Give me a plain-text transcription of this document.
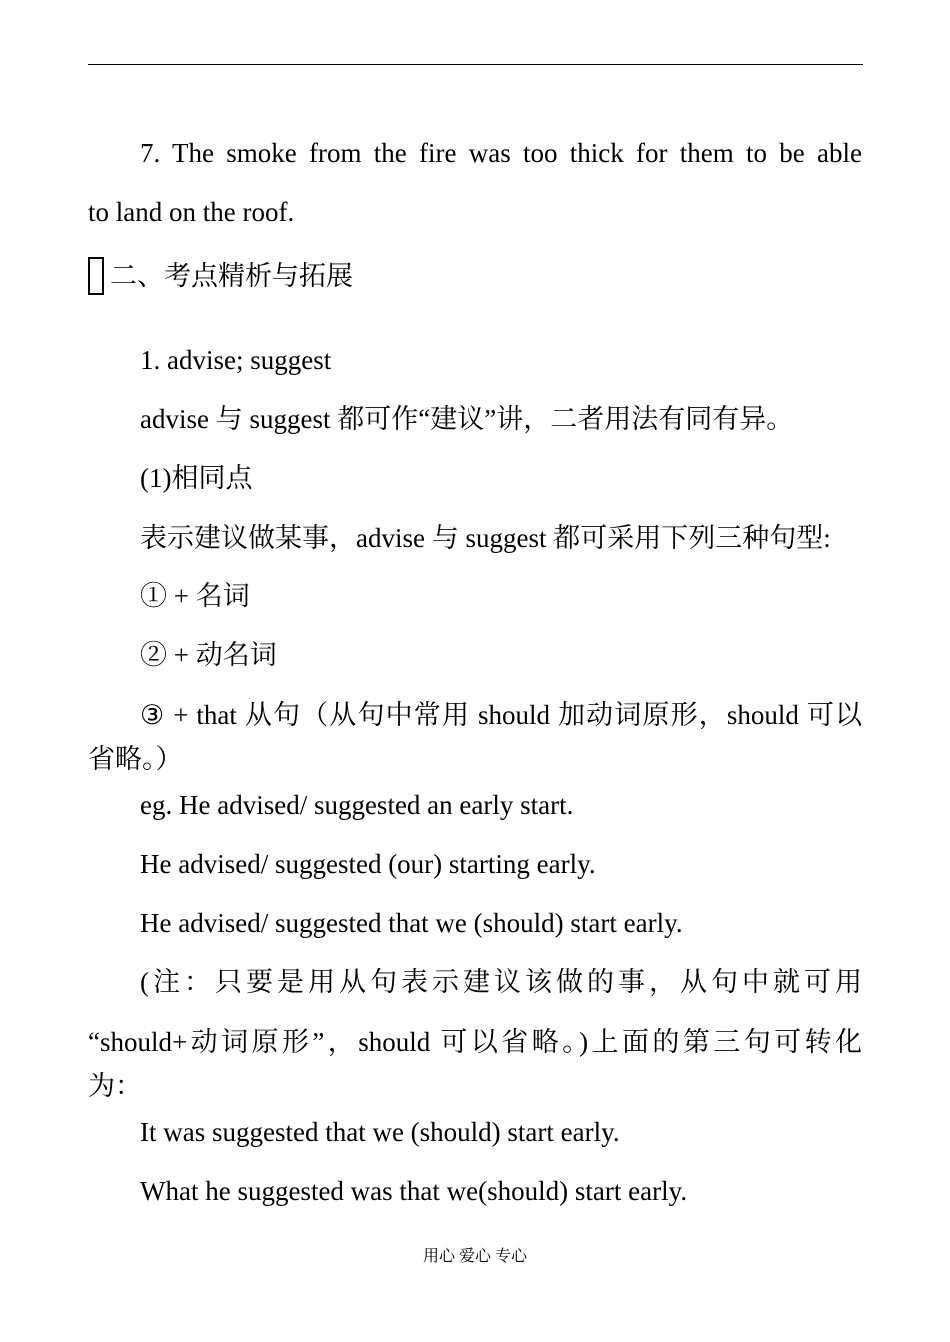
7. The smoke from the fire was too thick for them to be able
to land on the roof.
二、考点精析与拓展
1. advise; suggest
advise 与 suggest 都可作“建议”讲，二者用法有同有异。
(1)相同点
表示建议做某事，advise 与 suggest 都可采用下列三种句型:
① + 名词
② + 动名词
③ + that 从句（从句中常用 should 加动词原形，should 可以
省略。）
eg. He advised/ suggested an early start.
He advised/ suggested (our) starting early.
He advised/ suggested that we (should) start early.
(注：只要是用从句表示建议该做的事，从句中就可用
“should+动词原形”，should 可以省略。)上面的第三句可转化
为：
It was suggested that we (should) start early.
What he suggested was that we(should) start early.
用心 爱心 专心
